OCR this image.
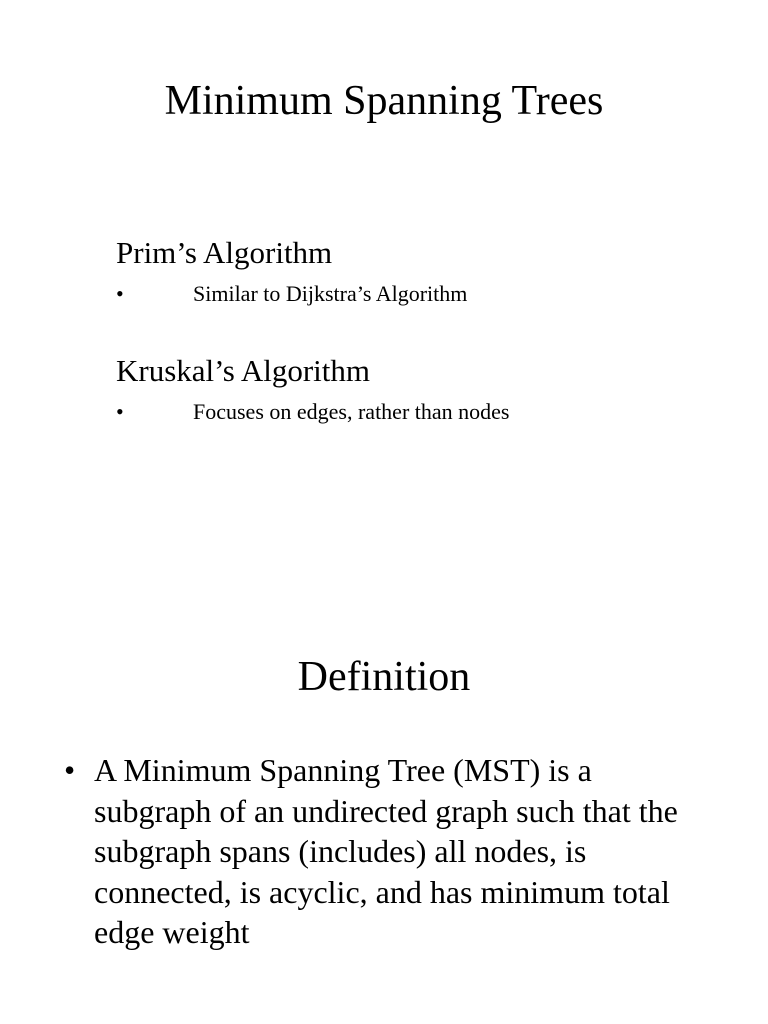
Minimum Spanning Trees
Prim’s Algorithm
•	Similar to Dijkstra’s Algorithm
Kruskal’s Algorithm
•	Focuses on edges, rather than nodes
Definition
• A Minimum Spanning Tree (MST) is a subgraph of an undirected graph such that the subgraph spans (includes) all nodes, is connected, is acyclic, and has minimum total edge weight
